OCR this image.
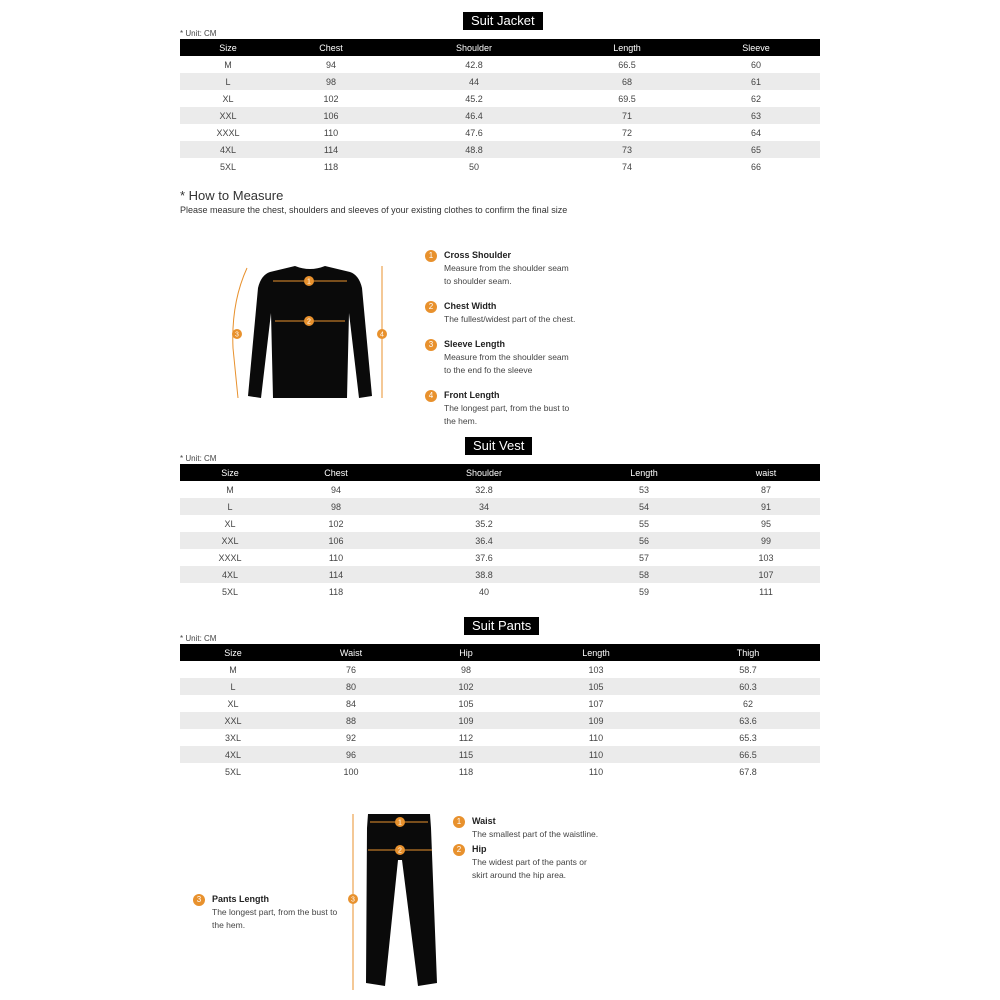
Suit Jacket
* Unit: CM
Size	Chest	Shoulder	Length	Sleeve
M	94	42.8	66.5	60
L	98	44	68	61
XL	102	45.2	69.5	62
XXL	106	46.4	71	63
XXXL	110	47.6	72	64
4XL	114	48.8	73	65
5XL	118	50	74	66
* How to Measure
Please measure the chest, shoulders and sleeves of your existing clothes to confirm the final size
1
2
3	4
1	Cross Shoulder
Measure from the shoulder seam
to shoulder seam.
2	Chest Width
The fullest/widest part of the chest.
3	Sleeve Length
Measure from the shoulder seam
to the end fo the sleeve
4	Front Length
The longest part, from the bust to
the hem.
Suit Vest
* Unit: CM
Size	Chest	Shoulder	Length	waist
M	94	32.8	53	87
L	98	34	54	91
XL	102	35.2	55	95
XXL	106	36.4	56	99
XXXL	110	37.6	57	103
4XL	114	38.8	58	107
5XL	118	40	59	111
Suit Pants
* Unit: CM
Size	Waist	Hip	Length	Thigh
M	76	98	103	58.7
L	80	102	105	60.3
XL	84	105	107	62
XXL	88	109	109	63.6
3XL	92	112	110	65.3
4XL	96	115	110	66.5
5XL	100	118	110	67.8
1
2
3
1	Waist
The smallest part of the waistline.
2	Hip
The widest part of the pants or
skirt around the hip area.
3	Pants Length
The longest part, from the bust to
the hem.
